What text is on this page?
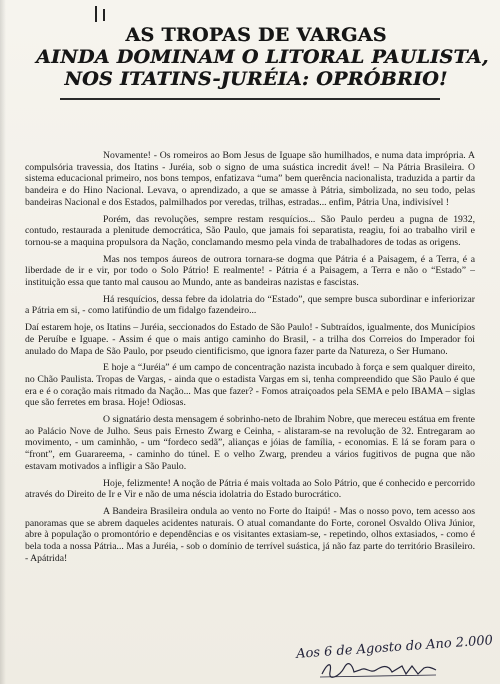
AS TROPAS DE VARGAS
AINDA DOMINAM O LITORAL PAULISTA,
NOS ITATINS-JURÉIA: OPRÓBRIO!

Novamente! - Os romeiros ao Bom Jesus de Iguape são humilhados, e numa data imprópria. A compulsória travessia, dos Itatins - Juréia, sob o signo de uma suástica incredit ável! – Na Pátria Brasileira. O sistema educacional primeiro, nos bons tempos, enfatizava “uma” bem querência nacionalista, traduzida a partir da bandeira e do Hino Nacional. Levava, o aprendizado, a que se amasse à Pátria, simbolizada, no seu todo, pelas bandeiras Nacional e dos Estados, palmilhados por veredas, trilhas, estradas... enfim, Pátria Una, indivisível !

Porém, das revoluções, sempre restam resquícios... São Paulo perdeu a pugna de 1932, contudo, restaurada a plenitude democrática, São Paulo, que jamais foi separatista, reagiu, foi ao trabalho viril e tornou-se a maquina propulsora da Nação, conclamando mesmo pela vinda de trabalhadores de todas as origens.

Mas nos tempos áureos de outrora tornara-se dogma que Pátria é a Paisagem, é a Terra, é a liberdade de ir e vir, por todo o Solo Pátrio! E realmente! - Pátria é a Paisagem, a Terra e não o “Estado” – instituição essa que tanto mal causou ao Mundo, ante as bandeiras nazistas e fascistas.

Há resquícios, dessa febre da idolatria do “Estado”, que sempre busca subordinar e inferiorizar a Pátria em si, - como latifúndio de um fidalgo fazendeiro...

Daí estarem hoje, os Itatins – Juréia, seccionados do Estado de São Paulo! - Subtraídos, igualmente, dos Municípios de Peruíbe e Iguape. - Assim é que o mais antigo caminho do Brasil, - a trilha dos Correios do Imperador foi anulado do Mapa de São Paulo, por pseudo cientificismo, que ignora fazer parte da Natureza, o Ser Humano.

E hoje a “Juréia” é um campo de concentração nazista incubado à força e sem qualquer direito, no Chão Paulista. Tropas de Vargas, - ainda que o estadista Vargas em si, tenha compreendido que São Paulo é que era e é o coração mais ritmado da Nação... Mas que fazer? - Fomos atraiçoados pela SEMA e pelo IBAMA – siglas que são ferretes em brasa. Hoje! Odiosas.

O signatário desta mensagem é sobrinho-neto de Ibrahim Nobre, que mereceu estátua em frente ao Palácio Nove de Julho. Seus pais Ernesto Zwarg e Ceinha, - alistaram-se na revolução de 32. Entregaram ao movimento, - um caminhão, - um “fordeco sedã”, alianças e jóias de família, - economias. E lá se foram para o “front”, em Guarareema, - caminho do túnel. E o velho Zwarg, prendeu a vários fugitivos de pugna que não estavam motivados a infligir a São Paulo.

Hoje, felizmente! A noção de Pátria é mais voltada ao Solo Pátrio, que é conhecido e percorrido através do Direito de Ir e Vir e não de uma néscia idolatria do Estado burocrático.

A Bandeira Brasileira ondula ao vento no Forte do Itaipú! - Mas o nosso povo, tem acesso aos panoramas que se abrem daqueles acidentes naturais. O atual comandante do Forte, coronel Osvaldo Oliva Júnior, abre à população o promontório e dependências e os visitantes extasiam-se, - repetindo, olhos extasiados, - como é bela toda a nossa Pátria... Mas a Juréia, - sob o domínio de terrível suástica, já não faz parte do território Brasileiro. - Apátrida!

Aos 6 de Agosto do Ano 2.000
